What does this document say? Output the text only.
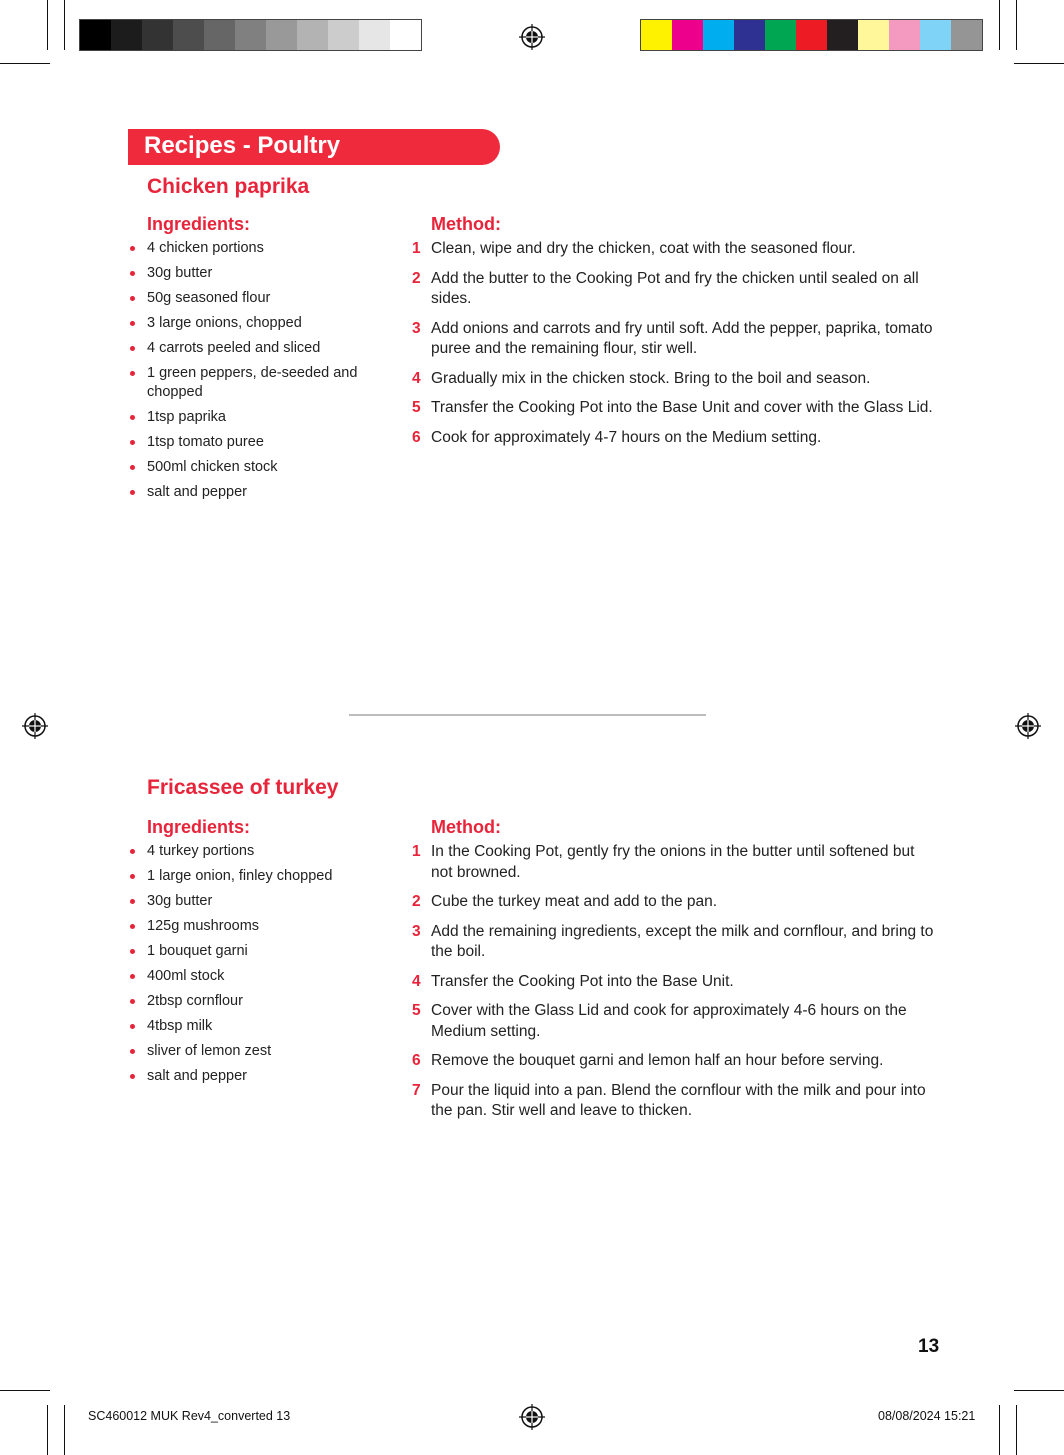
Recipes - Poultry
Chicken paprika
Ingredients:	Method:
4 chicken portions
30g butter
50g seasoned flour
3 large onions, chopped
4 carrots peeled and sliced
1 green peppers, de-seeded and chopped
1tsp paprika
1tsp tomato puree
500ml chicken stock
salt and pepper
1 Clean, wipe and dry the chicken, coat with the seasoned flour.
2 Add the butter to the Cooking Pot and fry the chicken until sealed on all sides.
3 Add onions and carrots and fry until soft. Add the pepper, paprika, tomato puree and the remaining flour, stir well.
4 Gradually mix in the chicken stock. Bring to the boil and season.
5 Transfer the Cooking Pot into the Base Unit and cover with the Glass Lid.
6 Cook for approximately 4-7 hours on the Medium setting.
Fricassee of turkey
Ingredients:	Method:
4 turkey portions
1 large onion, finley chopped
30g butter
125g mushrooms
1 bouquet garni
400ml stock
2tbsp cornflour
4tbsp milk
sliver of lemon zest
salt and pepper
1 In the Cooking Pot, gently fry the onions in the butter until softened but not browned.
2 Cube the turkey meat and add to the pan.
3 Add the remaining ingredients, except the milk and cornflour, and bring to the boil.
4 Transfer the Cooking Pot into the Base Unit.
5 Cover with the Glass Lid and cook for approximately 4-6 hours on the Medium setting.
6 Remove the bouquet garni and lemon half an hour before serving.
7 Pour the liquid into a pan. Blend the cornflour with the milk and pour into the pan. Stir well and leave to thicken.
13
SC460012 MUK Rev4_converted 13	08/08/2024 15:21
